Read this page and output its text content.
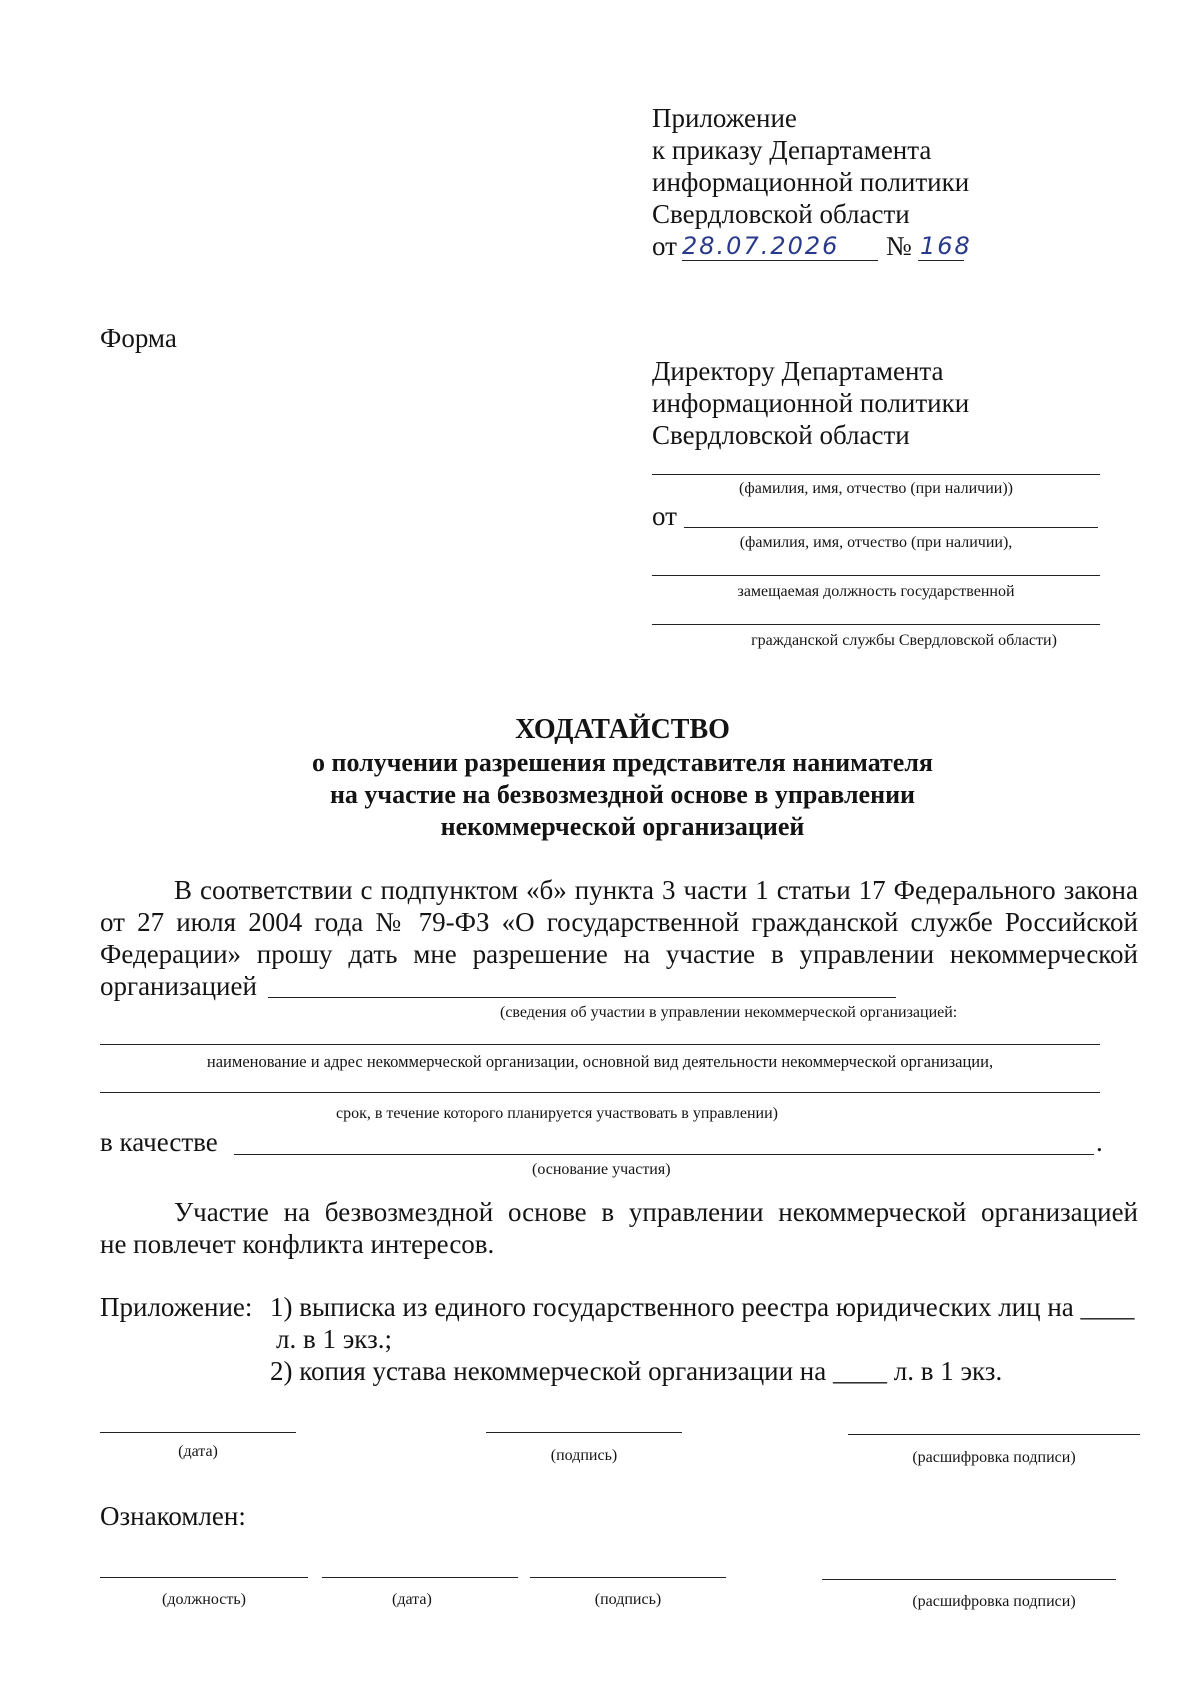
Приложение
к приказу Департамента
информационной политики
Свердловской области
от 28.07.2026 № 168
Форма
Директору Департамента
информационной политики
Свердловской области
(фамилия, имя, отчество (при наличии))
от
(фамилия, имя, отчество (при наличии),
замещаемая должность государственной
гражданской службы Свердловской области)
ХОДАТАЙСТВО
о получении разрешения представителя нанимателя
на участие на безвозмездной основе в управлении
некоммерческой организацией
В соответствии с подпунктом «б» пункта 3 части 1 статьи 17 Федерального закона
от 27 июля 2004 года № 79-ФЗ «О государственной гражданской службе Российской
Федерации» прошу дать мне разрешение на участие в управлении некоммерческой
организацией
(сведения об участии в управлении некоммерческой организацией:
наименование и адрес некоммерческой организации, основной вид деятельности некоммерческой организации,
срок, в течение которого планируется участвовать в управлении)
в качестве	.
(основание участия)
Участие на безвозмездной основе в управлении некоммерческой организацией
не повлечет конфликта интересов.
Приложение: 1) выписка из единого государственного реестра юридических лиц на ____
л. в 1 экз.;
2) копия устава некоммерческой организации на ____ л. в 1 экз.
(дата)	(подпись)	(расшифровка подписи)
Ознакомлен:
(должность)	(дата)	(подпись)	(расшифровка подписи)
